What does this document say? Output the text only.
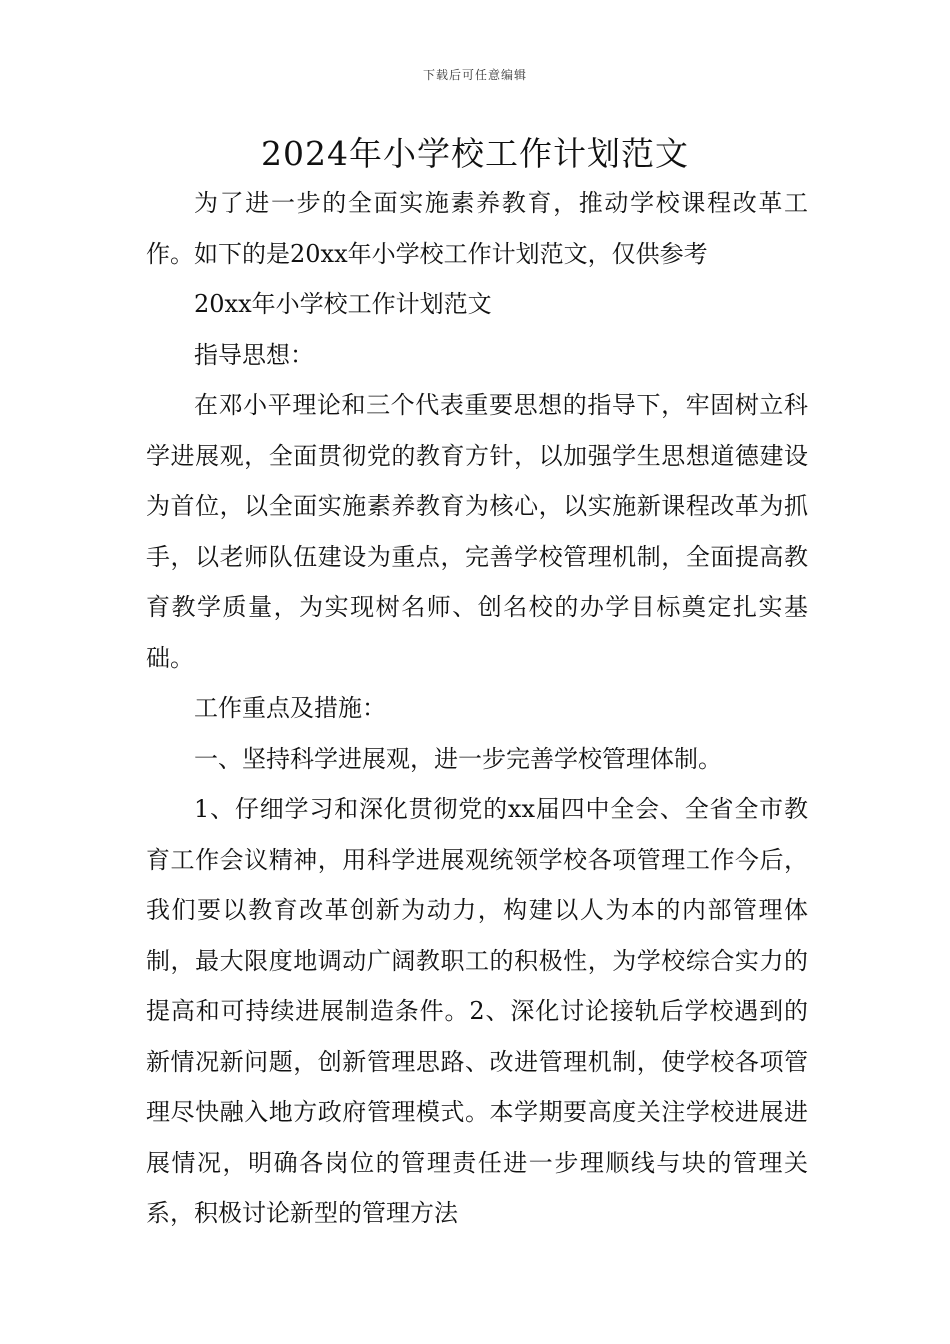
下载后可任意编辑
2024年小学校工作计划范文

为了进一步的全面实施素养教育，推动学校课程改革工作。如下的是20xx年小学校工作计划范文，仅供参考

20xx年小学校工作计划范文

指导思想：

在邓小平理论和三个代表重要思想的指导下，牢固树立科学进展观，全面贯彻党的教育方针，以加强学生思想道德建设为首位，以全面实施素养教育为核心，以实施新课程改革为抓手，以老师队伍建设为重点，完善学校管理机制，全面提高教育教学质量，为实现树名师、创名校的办学目标奠定扎实基础。

工作重点及措施：

一、坚持科学进展观，进一步完善学校管理体制。

1、仔细学习和深化贯彻党的xx届四中全会、全省全市教育工作会议精神，用科学进展观统领学校各项管理工作今后，我们要以教育改革创新为动力，构建以人为本的内部管理体制，最大限度地调动广阔教职工的积极性，为学校综合实力的提高和可持续进展制造条件。2、深化讨论接轨后学校遇到的新情况新问题，创新管理思路、改进管理机制，使学校各项管理尽快融入地方政府管理模式。本学期要高度关注学校进展进展情况，明确各岗位的管理责任进一步理顺线与块的管理关系，积极讨论新型的管理方法
